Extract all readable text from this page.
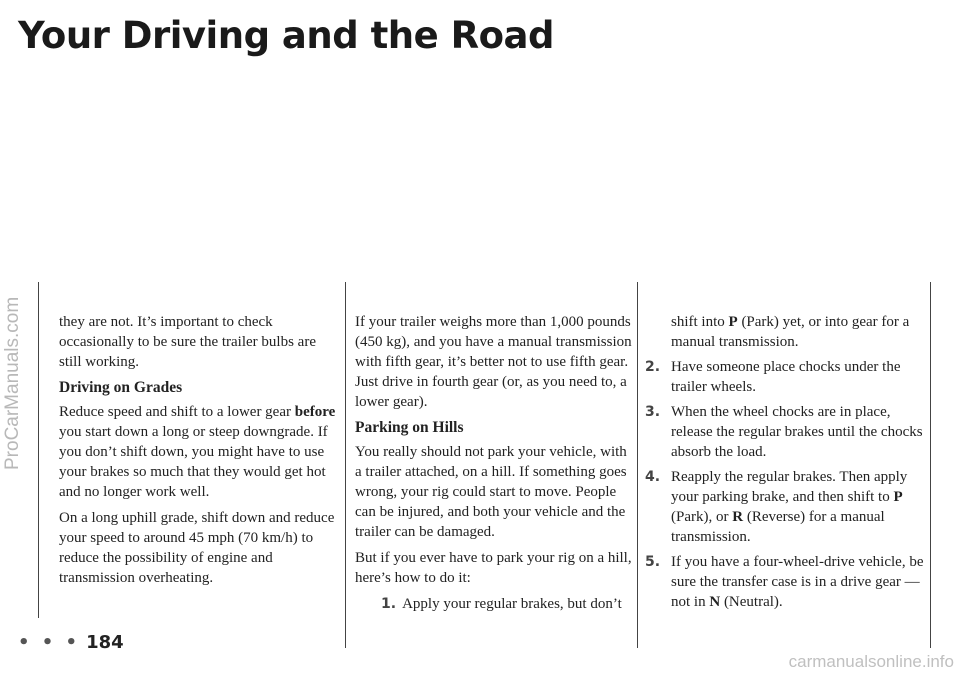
Your Driving and the Road
ProCarManuals.com
carmanualsonline.info

they are not. It’s important to check occasionally to be sure the trailer bulbs are still working.

Driving on Grades

Reduce speed and shift to a lower gear before you start down a long or steep downgrade. If you don’t shift down, you might have to use your brakes so much that they would get hot and no longer work well.

On a long uphill grade, shift down and reduce your speed to around 45 mph (70 km/h) to reduce the possibility of engine and transmission overheating.

If your trailer weighs more than 1,000 pounds (450 kg), and you have a manual transmission with fifth gear, it’s better not to use fifth gear. Just drive in fourth gear (or, as you need to, a lower gear).

Parking on Hills

You really should not park your vehicle, with a trailer attached, on a hill. If something goes wrong, your rig could start to move. People can be injured, and both your vehicle and the trailer can be damaged.

But if you ever have to park your rig on a hill, here’s how to do it:

1. Apply your regular brakes, but don’t
shift into P (Park) yet, or into gear for a manual transmission.
2. Have someone place chocks under the trailer wheels.
3. When the wheel chocks are in place, release the regular brakes until the chocks absorb the load.
4. Reapply the regular brakes. Then apply your parking brake, and then shift to P (Park), or R (Reverse) for a manual transmission.
5. If you have a four-wheel-drive vehicle, be sure the transfer case is in a drive gear — not in N (Neutral).
• • • 184
